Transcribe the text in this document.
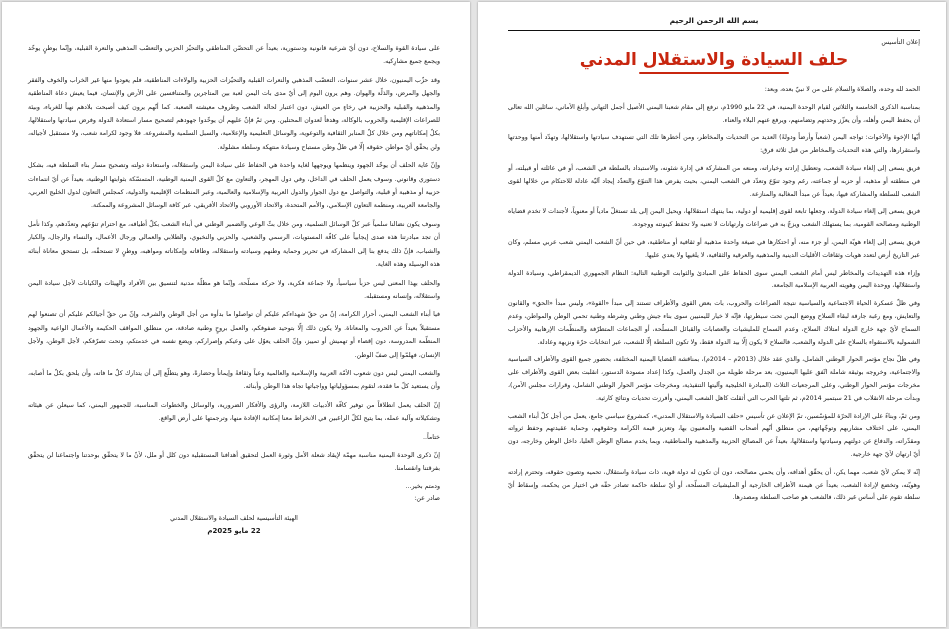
على سيادة القوة والسلاح، دون أيّ شرعية قانونية ودستورية، بعيداً عن التحصّن المناطقي والتحيّز الحزبي والتعصّب المذهبي والنعرة القبلية، وإنّما بوطنٍ يوحّد ويجمع جميع مشارِكيه.

وقد حزّب اليمنيون، خلال عشر سنوات، التعصّب المذهبي والنعرات القبلية والتحيّزات الحزبية والولاءات المناطقية، فلم يعودوا منها غير الخراب والخوف والفقر والجهل والمرض، والذلّة والهوان. وهم يرون اليوم إلى أيّ مدى بات اليمن لعبة بين المتاجرين والمتنافسين على الأرض والإنسان، فيما يعيش دعاة المناطقية والمذهبية والقبلية والحزبية في رخاءٍ من العيش، دون اعتبار لحالة الشعب وظروف معيشته الصعبة. كما أنّهم يرون كيف أصبحت بلادهم نهباً للغرباء، وبيئة للصراعات الإقليمية والحروب بالوكالة، وهدفاً لعدوان المحتلين. ومن ثمّ فإنّ عليهم أن يوحّدوا جهودهم لتصحيح مسار استعادة الدولة وفرض سيادتها واستقلالها، بكلّ إمكاناتهم ومن خلال كلّ المنابر الثقافية والتوعوية، والوسائل التعليمية والإعلامية، والسبل السلمية والمشروعة. فلا وجود لكرامة شعب، ولا مستقبل لأجياله، ولن يحقّق أيّ مواطن حقوقه إلّا في ظلّ وطن مستباح وسيادة منتهكة وسلطة مشلولة.

وإنّ غاية الحلف أن يوحّد الجهود وينظمها ويوجهها لغاية واحدة هي الحفاظ على سيادة اليمن واستقلاله، واستعادة دولته وتصحيح مسار بناء السلطة فيه، بشكل دستوري وقانوني. وسوف يعمل الحلف في الداخل، وفي دول المهجر، والتعاون مع كلّ القوى اليمنية الوطنية، المتمسّكة بثوابتها الوطنية، بعيداً عن أيّ انتماءات حزبية أو مذهبية أو قبلية، والتواصل مع دول الجوار والدول العربية والإسلامية والعالمية، وعبر المنظمات الإقليمية والدولية، كمجلس التعاون لدول الخليج العربي، والجامعة العربية، ومنظمة التعاون الإسلامي، والأمم المتحدة، والاتحاد الأوروبي والاتحاد الأفريقي، عبر كافة الوسائل المشروعة والممكنة.

وسوف يكون نضالنا سلمياً عبر كلّ الوسائل السلمية، ومن خلال بثّ الوعي والضمير الوطني في أبناء الشعب بكلّ أطيافه، مع احترام تنوّعهم وتعدّدهم، وكذا نأمل أن تجد مبادرتنا هذه صدى إيجابياً على كافّة المستويات، الرسمي والشعبي، والحزبي والنخبوي، والطلابي والعمالي ورجال الأعمال، والنساء والرجال، والكبار والشباب، فإنّ ذلك يدفع بنا إلى المشاركة في تحرير وحماية وطنهم وسيادته واستقلاله، وطاقاته وإمكاناته ومواهبه، ووطنٍ لا تستحقّه، بل تستحق معاناة أبنائه هذه الوسيلة وهذه الغاية.

والحلف بهذا المعنى ليس حزباً سياسياً، ولا جماعة فكرية، ولا حركة مسلّحة، وإنّما هو مظلّة مدنية لتنسيق بين الأفراد والهيئات والكيانات لأجل سيادة اليمن واستقلاله، وإنسانه ومستقبله.

فيا أبناء الشعب اليمني، أحرار الكرامة، إنّ من حقّ شهداءكم عليكم أن تواصلوا ما بدأوه من أجل الوطن والشرف، وإنّ من حقّ أجيالكم عليكم أن تصنعوا لهم مستقبلاً بعيداً عن الحروب والمعاناة. ولا يكون ذلك إلّا بتوحيد صفوفكم، والعمل بروحٍ وطنية صادقة، من منطلق المواقف الحكيمة والأعمال الواعية والجهود المنظّمة المدروسة، دون إقصاء أو تهميش أو تمييز، وإنّ الحلف يعوّل على وعيكم وإصراركم، ويضع نفسه في خدمتكم، وتحت تصرّفكم، لأجل الوطن، ولأجل الإنسان، فهلمّوا إلى صفّ الوطن.

والشعب اليمني ليس دون شعوب الأمّة العربية والإسلامية والعالمية وعياً وثقافةً وإيماناً وحضارةً، وهو يتطلّع إلى أن يتدارك كلّ ما فاته، وأن يلحق بكلّ ما أصابه، وأن يستعيد كلّ ما فقده، لتقوم بمسؤولياتها وواجباتها تجاه هذا الوطن وأبنائه.

إنّ الحلف يعمل انطلاقاً من توفير كافّة الأدبيات اللازمة، والرؤى والأفكار الضرورية، والوسائل والخطوات المناسبة، للجمهور اليمني، كما سيعلن عن هيئاته وتشكيلاته وآلية عمله، بما يتيح لكلّ الراغبين في الانخراط معنا إمكانية الإفادة منها، وترجمتها على أرض الواقع.

ختاماً..

إنّ ذكرى الوحدة اليمنية مناسبة مهمّة لإيقاد شعلة الأمل وثورة العمل لتحقيق أهدافنا المستقبلية دون كلل أو ملل، لأنّ ما لا يتحقّق بوحدتنا واجتماعنا لن يتحقّق بفرقتنا وانقسامنا.

ودمتم بخير...

صادر عن:

الهيئة التأسيسية لحلف السيادة والاستقلال المدني

22 مايو 2025م

بسم الله الرحمن الرحيم

إعلان التأسيس

حلف السيادة والاستقلال المدني

الحمد لله وحده، والصلاة والسلام على من لا نبيّ بعده، وبعد:

بمناسبة الذكرى الخامسة والثلاثين لقيام الوحدة اليمنية، في 22 مايو 1990م، نرفع إلى مقام شعبنا اليمني الأصيل أجمل التهاني وأبلغ الأماني، سائلين الله تعالى أن يحفظ اليمن وأهله، وأن يعزّز وحدتهم وتضامنهم، ويرفع عنهم البلاء والعناء.

أيّها الإخوة والأخوات: تواجه اليمن (شعباً وأرضاً ودولةً) العديد من التحديات والمخاطر، ومن أخطرها تلك التي تستهدف سيادتها واستقلالها، وتهدّد أمنها ووحدتها واستقرارها، والتي هذه التحديات والمخاطر من قبل ثلاثة فرق:

فريق يسعى إلى إلغاء سيادة الشعب، وتعطيل إرادته وخياراته، ومنعه من المشاركة في إدارة شئونه، والاستبداد بالسلطة في الشعب، أو في عائلته أو قبيلته، أو في منطقته أو مذهبه، أو حزبه أو جماعته، رغم وجود تنوّع وتعدّد في الشعب اليمني، بحيث يفرض هذا التنوّع والتعدّد إيجاد آليّة عادلة للاحتكام من خلالها لقوى الشعب للسلطة والمشاركة فيها، بعيداً عن مبدأ المغالبة والمنازعة.

فريق يسعى إلى إلغاء سيادة الدولة، وجعلها تابعة لقوى إقليمية أو دولية، بما ينتهك استقلالها، ويحيل اليمن إلى بلد تستغلّ مادياً أو معنوياً، لأجندات لا تخدم قضاياه الوطنية ومصالحه القومية، بما يستهلك الشعب ويزجّ به في صراعات وارتهانات لا تعنيه ولا تحفظ كينونته ووجوده.

فريق يسعى إلى إلغاء هويّة اليمن، أو جزء منه، أو احتكارها في صيغة واحدة مذهبية أو ثقافية أو مناطقية، في حين أنّ الشعب اليمني شعب عربي مسلم، وكان عبر التاريخ أرض لتعدد هويات وثقافات الأقليات الدينية والمذهبية والعرقية والثقافية، لا يلغيها ولا يعدي عليها.

وإزاء هذه التهديدات والمخاطر ليس أمام الشعب اليمني سوى الحفاظ على المبادئ والثوابت الوطنية التالية: النظام الجمهوري الديمقراطي، وسيادة الدولة واستقلالها، ووحدة اليمن وهويته العربية الإسلامية الجامعة.

وفي ظلّ عسكرة الحياة الاجتماعية والسياسية نتيجة الصراعات والحروب، بات بعض القوى والأطراف تستند إلى مبدأ «القوة»، وليس مبدأ «الحق» والقانون والتعايش، ومع رغبة جارفة لبقاء السلاح ووضع اليمن تحت سيطرتها، فإنّه لا خيار لليمنيين سوى بناء جيش وطني وشرطة وطنية تحمي الوطن والمواطن، وعدم السماح لأيّ جهة خارج الدولة امتلاك السلاح، وعدم السماح للمليشيات والعصابات والقبائل المسلّحة، أو الجماعات المتطرّفة والمنظّمات الإرهابية والأحزاب الشمولية بالاستقواء بالسلاح على الدولة والشعب، فالسلاح لا يكون إلّا بيد الدولة فقط، ولا تكون السلطة إلّا للشعب، عبر انتخابات حرّة ونزيهة وعادلة.

وفي ظلّ نجاح مؤتمر الحوار الوطني الشامل، والذي عقد خلال (2013م – 2014م)، بمناقشة القضايا اليمنية المختلفة، بحضور جميع القوى والأطراف السياسية والاجتماعية، وخروجه بوثيقة شاملة اتّفق عليها اليمنيون، بعد مرحلة طويلة من الجدل والعمل، وكذا إعداد مسودة الدستور، انقلبت بعض القوى والأطراف على مخرجات مؤتمر الحوار الوطني، وعلى المرجعيات الثلاث (المبادرة الخليجية وآليتها التنفيذية، ومخرجات مؤتمر الحوار الوطني الشامل، وقرارات مجلس الأمن)، وبدأت مرحلة الانقلاب في 21 سبتمبر 2014م، ثم تلتها الحرب التي أثقلت كاهل الشعب اليمني، وأفرزت تحديات ونتائج كارثية.

ومن ثمّ، وبناءً على الإرادة الحرّة للمؤسّسين، تمّ الإعلان عن تأسيس «حلف السيادة والاستقلال المدني»، كمشروع سياسي جامع، يعمل من أجل كلّ أبناء الشعب اليمني، على اختلاف مشاربهم وتوجّهاتهم، من منطلق أنّهم أصحاب القضية والمعنيون بها، وتعزيز قيمة الكرامة وحقوقهم، وحماية عقيدتهم وحفظ ثرواته ومقدّراته، والدفاع عن دولتهم وسيادتها واستقلالها، بعيداً عن المصالح الحزبية والمذهبية والمناطقية، وبما يخدم مصالح الوطن العليا، داخل الوطن وخارجه، دون أيّ ارتهان لأيّ جهة خارجية.

إنّه لا يمكن لأيّ شعب، مهما يكن، أن يحقّق أهدافه، وأن يحمي مصالحه، دون أن تكون له دولة قوية، ذات سيادة واستقلال، تحميه وتصون حقوقه، وتحترم إرادته وهويّته، وتخضع لإرادة الشعب، بعيداً عن هيمنة الأطراف الخارجية أو المليشيات المسلّحة، أو أيّ سلطة حاكمة تصادر حقّه في اختيار من يحكمه، وإسقاط أيّ سلطة تقوم على أساس غير ذلك، فالشعب هو صاحب السلطة ومصدرها.
